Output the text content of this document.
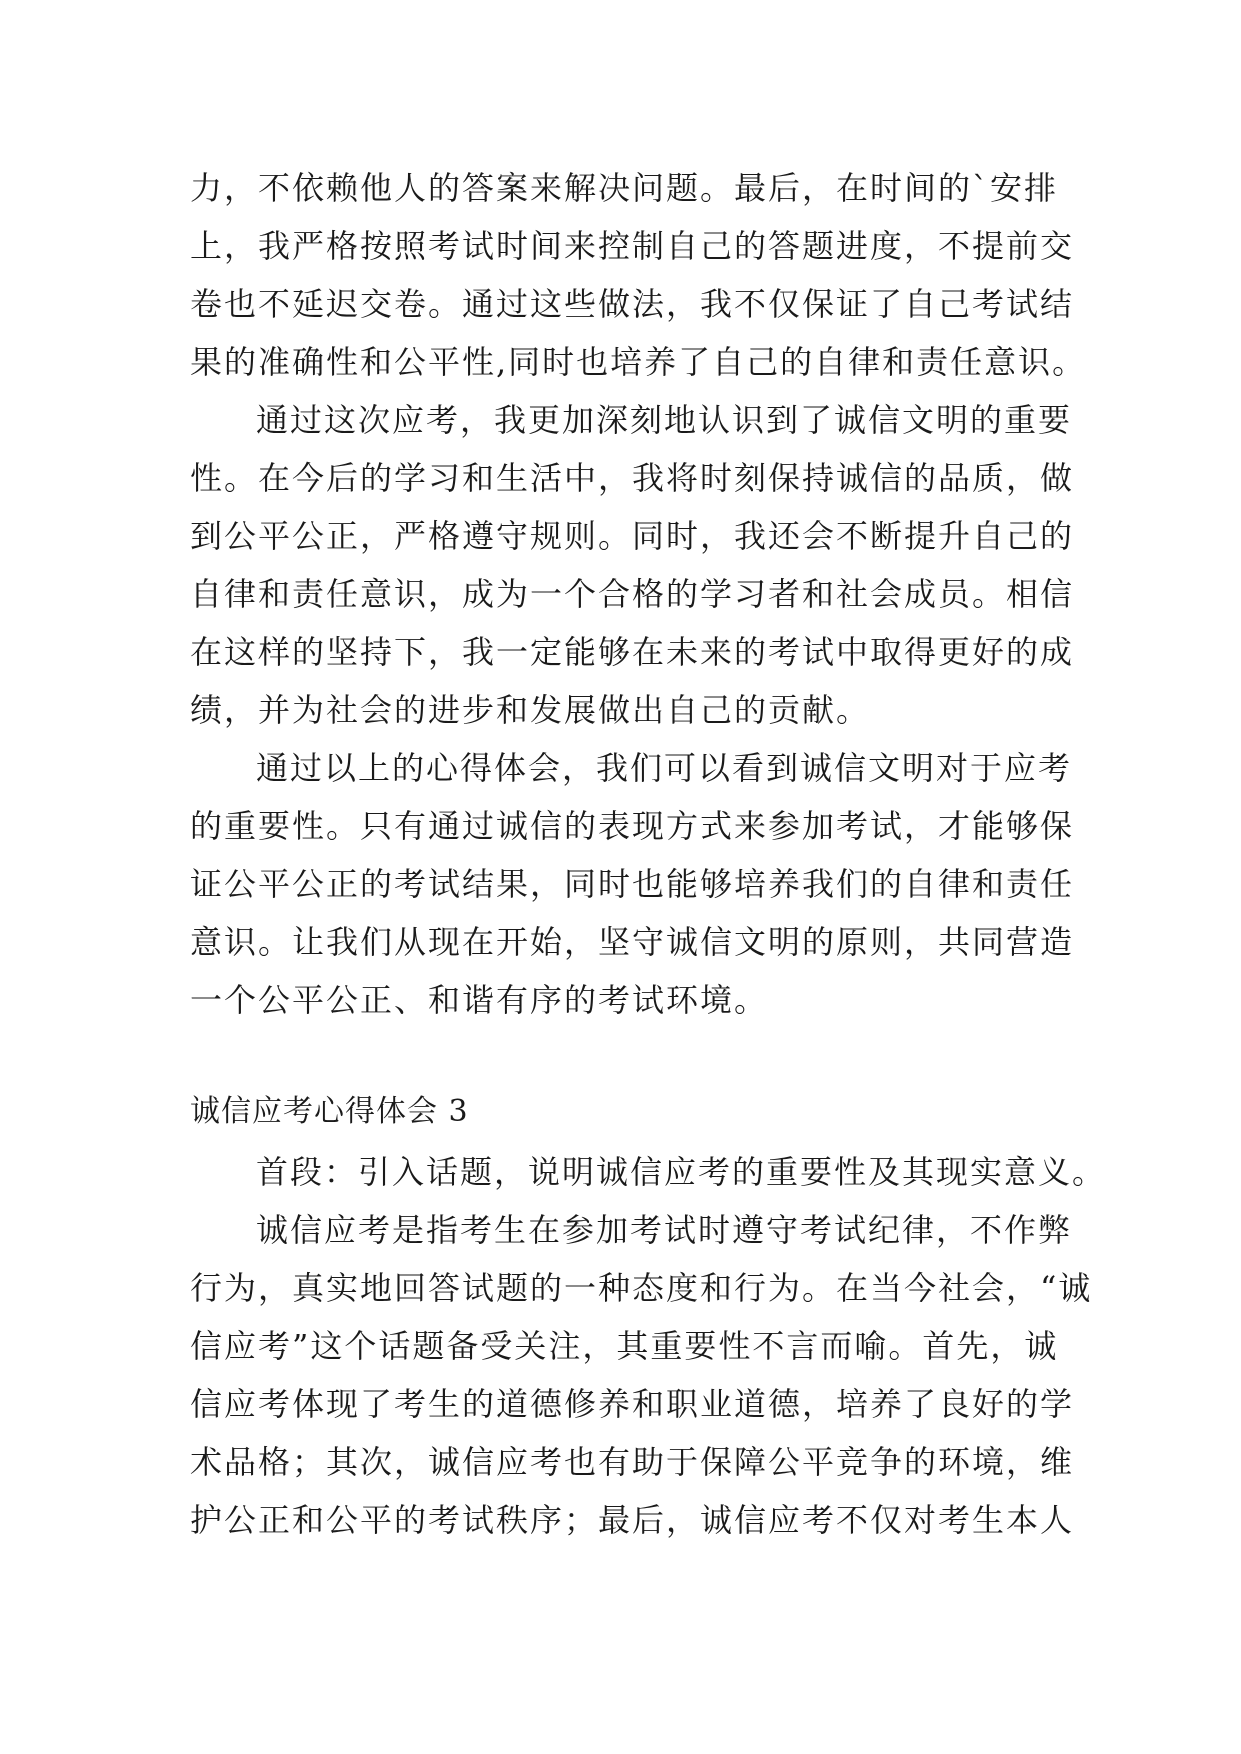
力，不依赖他人的答案来解决问题。最后，在时间的`安排
上，我严格按照考试时间来控制自己的答题进度，不提前交
卷也不延迟交卷。通过这些做法，我不仅保证了自己考试结
果的准确性和公平性,同时也培养了自己的自律和责任意识。
通过这次应考，我更加深刻地认识到了诚信文明的重要
性。在今后的学习和生活中，我将时刻保持诚信的品质，做
到公平公正，严格遵守规则。同时，我还会不断提升自己的
自律和责任意识，成为一个合格的学习者和社会成员。相信
在这样的坚持下，我一定能够在未来的考试中取得更好的成
绩，并为社会的进步和发展做出自己的贡献。
通过以上的心得体会，我们可以看到诚信文明对于应考
的重要性。只有通过诚信的表现方式来参加考试，才能够保
证公平公正的考试结果，同时也能够培养我们的自律和责任
意识。让我们从现在开始，坚守诚信文明的原则，共同营造
一个公平公正、和谐有序的考试环境。
诚信应考心得体会 3
首段：引入话题，说明诚信应考的重要性及其现实意义。
诚信应考是指考生在参加考试时遵守考试纪律，不作弊
行为，真实地回答试题的一种态度和行为。在当今社会，“诚
信应考”这个话题备受关注，其重要性不言而喻。首先，诚
信应考体现了考生的道德修养和职业道德，培养了良好的学
术品格；其次，诚信应考也有助于保障公平竞争的环境，维
护公正和公平的考试秩序；最后，诚信应考不仅对考生本人
